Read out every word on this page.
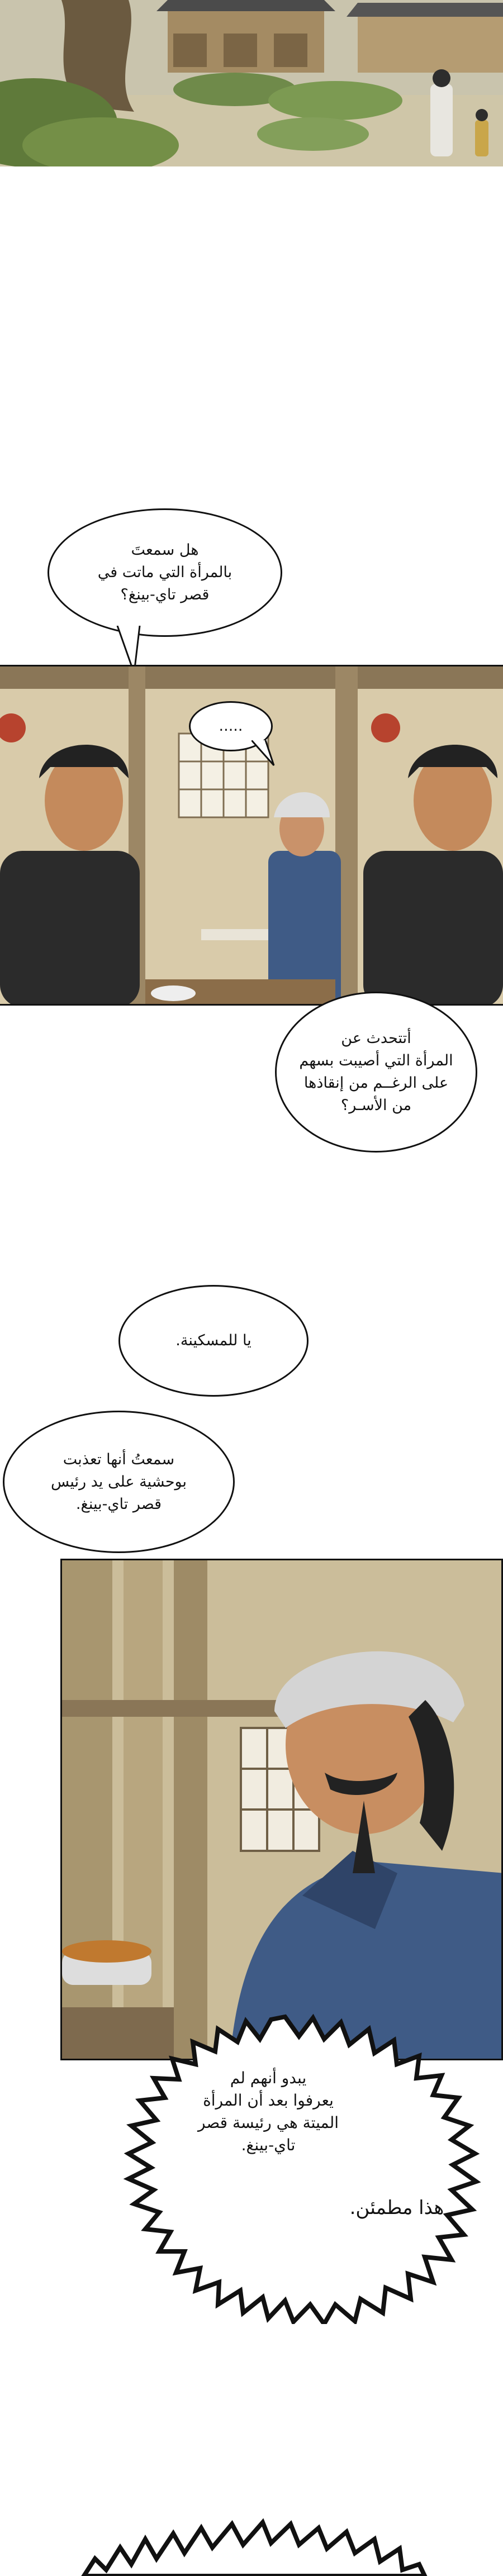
هل سمعتَ
بالمرأة التي ماتت في
قصر تاي-بينغ؟
.....
أتتحدث عن
المرأة التي أصيبت بسهم
على الرغــم من إنقاذها
من الأسـر؟
يا للمسكينة.
سمعتُ أنها تعذبت
بوحشية على يد رئيس
قصر تاي-بينغ.
يبدو أنهم لم
يعرفوا بعد أن المرأة
الميتة هي رئيسة قصر
تاي-بينغ.
هذا مطمئن.
